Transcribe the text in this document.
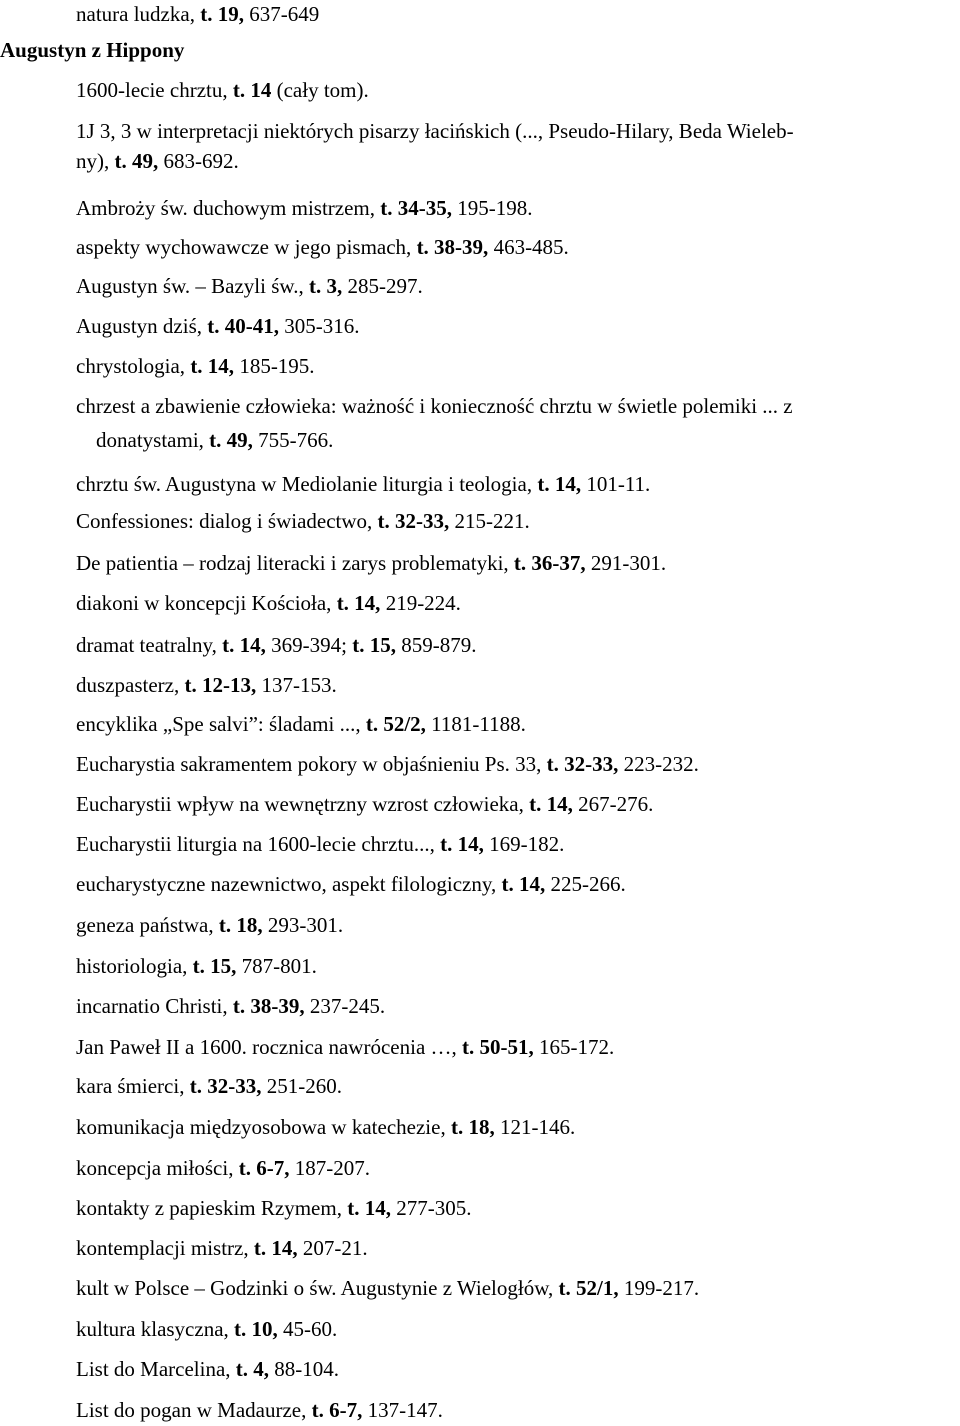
natura ludzka, t. 19, 637-649
Augustyn z Hippony
1600-lecie chrztu, t. 14 (cały tom).
1J 3, 3 w interpretacji niektórych pisarzy łacińskich (..., Pseudo-Hilary, Beda Wieleb-
ny), t. 49, 683-692.
Ambroży św. duchowym mistrzem, t. 34-35, 195-198.
aspekty wychowawcze w jego pismach, t. 38-39, 463-485.
Augustyn św. – Bazyli św., t. 3, 285-297.
Augustyn dziś, t. 40-41, 305-316.
chrystologia, t. 14, 185-195.
chrzest a zbawienie człowieka: ważność i konieczność chrztu w świetle polemiki ... z
donatystami, t. 49, 755-766.
chrztu św. Augustyna w Mediolanie liturgia i teologia, t. 14, 101-11.
Confessiones: dialog i świadectwo, t. 32-33, 215-221.
De patientia – rodzaj literacki i zarys problematyki, t. 36-37, 291-301.
diakoni w koncepcji Kościoła, t. 14, 219-224.
dramat teatralny, t. 14, 369-394; t. 15, 859-879.
duszpasterz, t. 12-13, 137-153.
encyklika „Spe salvi”: śladami ..., t. 52/2, 1181-1188.
Eucharystia sakramentem pokory w objaśnieniu Ps. 33, t. 32-33, 223-232.
Eucharystii wpływ na wewnętrzny wzrost człowieka, t. 14, 267-276.
Eucharystii liturgia na 1600-lecie chrztu..., t. 14, 169-182.
eucharystyczne nazewnictwo, aspekt filologiczny, t. 14, 225-266.
geneza państwa, t. 18, 293-301.
historiologia, t. 15, 787-801.
incarnatio Christi, t. 38-39, 237-245.
Jan Paweł II a 1600. rocznica nawrócenia …, t. 50-51, 165-172.
kara śmierci, t. 32-33, 251-260.
komunikacja międzyosobowa w katechezie, t. 18, 121-146.
koncepcja miłości, t. 6-7, 187-207.
kontakty z papieskim Rzymem, t. 14, 277-305.
kontemplacji mistrz, t. 14, 207-21.
kult w Polsce – Godzinki o św. Augustynie z Wielogłów, t. 52/1, 199-217.
kultura klasyczna, t. 10, 45-60.
List do Marcelina, t. 4, 88-104.
List do pogan w Madaurze, t. 6-7, 137-147.
